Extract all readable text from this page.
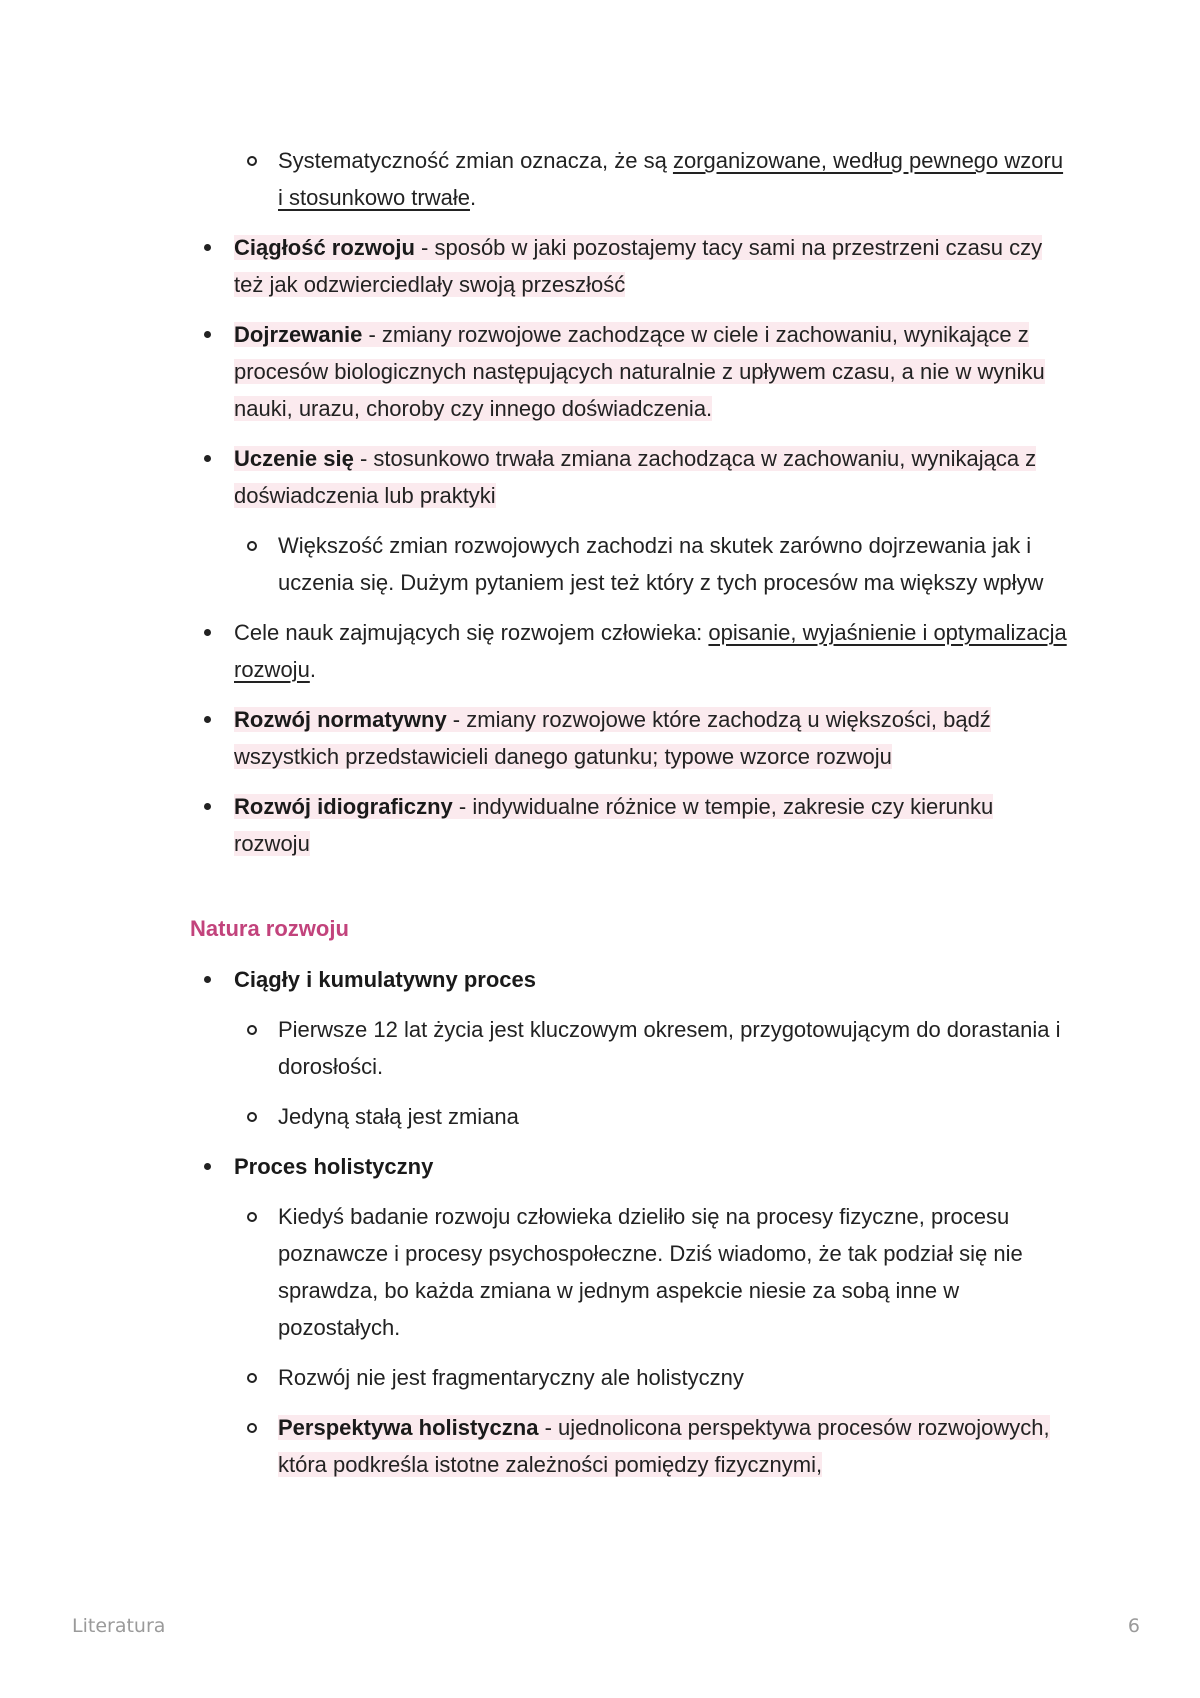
Systematyczność zmian oznacza, że są zorganizowane, według pewnego wzoru i stosunkowo trwałe.
Ciągłość rozwoju - sposób w jaki pozostajemy tacy sami na przestrzeni czasu czy też jak odzwierciedlały swoją przeszłość
Dojrzewanie - zmiany rozwojowe zachodzące w ciele i zachowaniu, wynikające z procesów biologicznych następujących naturalnie z upływem czasu, a nie w wyniku nauki, urazu, choroby czy innego doświadczenia.
Uczenie się - stosunkowo trwała zmiana zachodząca w zachowaniu, wynikająca z doświadczenia lub praktyki
Większość zmian rozwojowych zachodzi na skutek zarówno dojrzewania jak i uczenia się. Dużym pytaniem jest też który z tych procesów ma większy wpływ
Cele nauk zajmujących się rozwojem człowieka: opisanie, wyjaśnienie i optymalizacja rozwoju.
Rozwój normatywny - zmiany rozwojowe które zachodzą u większości, bądź wszystkich przedstawicieli danego gatunku; typowe wzorce rozwoju
Rozwój idiograficzny - indywidualne różnice w tempie, zakresie czy kierunku rozwoju
Natura rozwoju
Ciągły i kumulatywny proces
Pierwsze 12 lat życia jest kluczowym okresem, przygotowującym do dorastania i dorosłości.
Jedyną stałą jest zmiana
Proces holistyczny
Kiedyś badanie rozwoju człowieka dzieliło się na procesy fizyczne, procesu poznawcze i procesy psychospołeczne. Dziś wiadomo, że tak podział się nie sprawdza, bo każda zmiana w jednym aspekcie niesie za sobą inne w pozostałych.
Rozwój nie jest fragmentaryczny ale holistyczny
Perspektywa holistyczna - ujednolicona perspektywa procesów rozwojowych, która podkreśla istotne zależności pomiędzy fizycznymi,
Literatura	6
